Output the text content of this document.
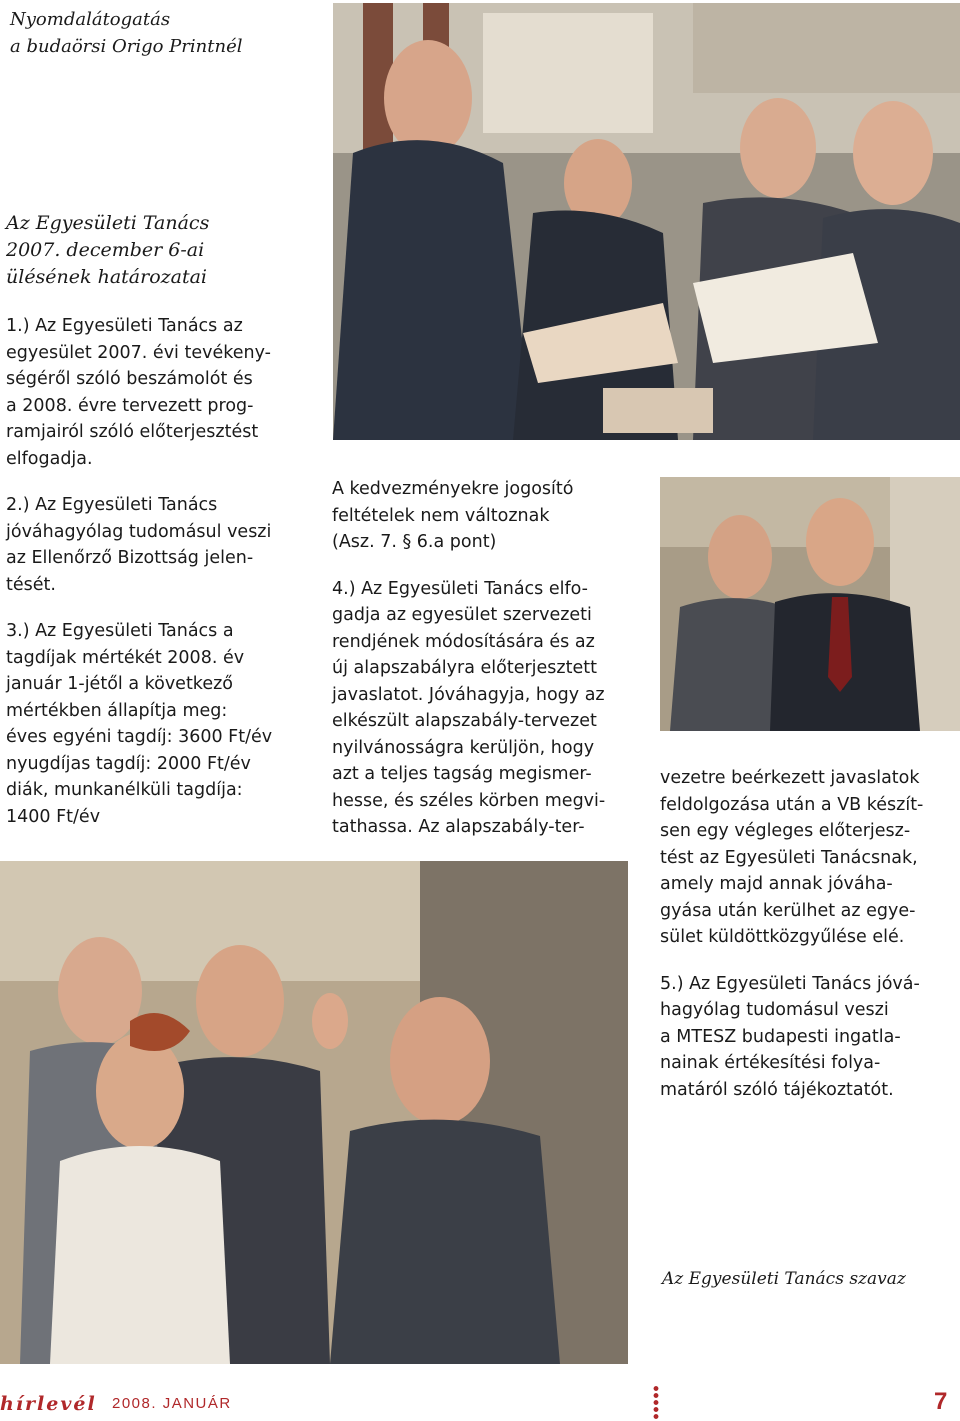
Nyomdalátogatás
a budaörsi Origo Printnél
Az Egyesületi Tanács
2007. december 6-ai
ülésének határozatai

1.) Az Egyesületi Tanács az
egyesület 2007. évi tevékeny-
ségéről szóló beszámolót és
a 2008. évre tervezett prog-
ramjairól szóló előterjesztést
elfogadja.

2.) Az Egyesületi Tanács
jóváhagyólag tudomásul veszi
az Ellenőrző Bizottság jelen-
tését.

3.) Az Egyesületi Tanács a
tagdíjak mértékét 2008. év
január 1-jétől a következő
mértékben állapítja meg:
éves egyéni tagdíj: 3600 Ft/év
nyugdíjas tagdíj: 2000 Ft/év
diák, munkanélküli tagdíja:
1400 Ft/év

A kedvezményekre jogosító
feltételek nem változnak
(Asz. 7. § 6.a pont)

4.) Az Egyesületi Tanács elfo-
gadja az egyesület szervezeti
rendjének módosítására és az
új alapszabályra előterjesztett
javaslatot. Jóváhagyja, hogy az
elkészült alapszabály-tervezet
nyilvánosságra kerüljön, hogy
azt a teljes tagság megismer-
hesse, és széles körben megvi-
tathassa. Az alapszabály-ter-

vezetre beérkezett javaslatok
feldolgozása után a VB készít-
sen egy végleges előterjesz-
tést az Egyesületi Tanácsnak,
amely majd annak jóváha-
gyása után kerülhet az egye-
sület küldöttközgyűlése elé.

5.) Az Egyesületi Tanács jóvá-
hagyólag tudomásul veszi
a MTESZ budapesti ingatla-
nainak értékesítési folya-
matáról szóló tájékoztatót.

Az Egyesületi Tanács szavaz
hírlevél 2008. JANUÁR	7
